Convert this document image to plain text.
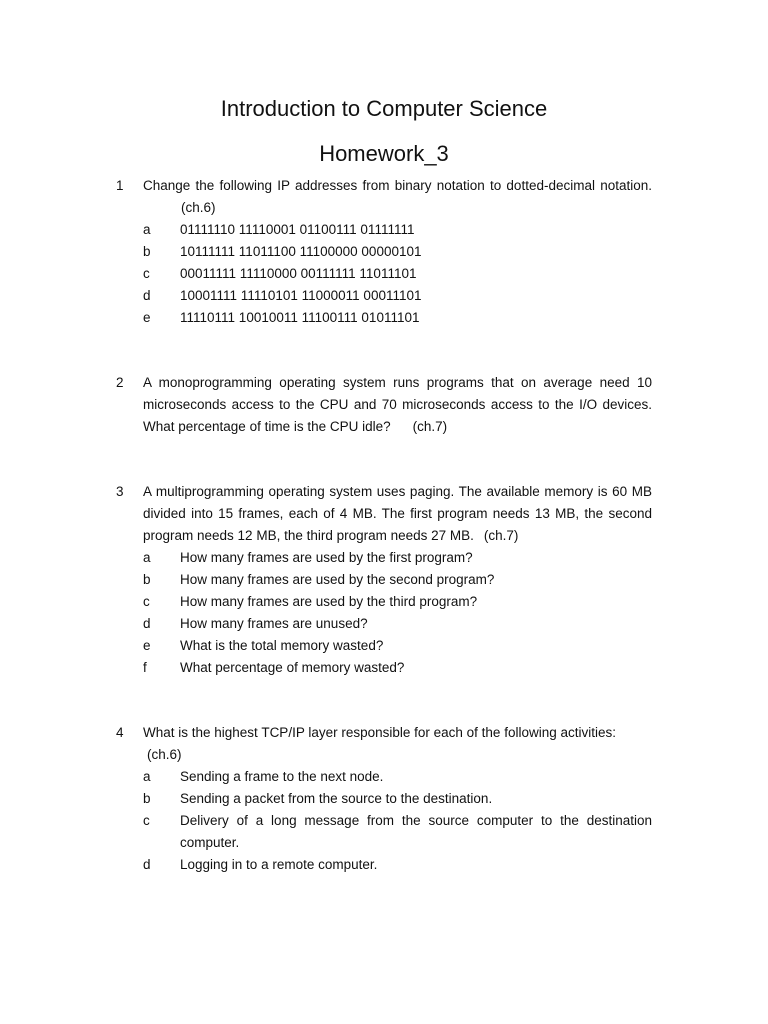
Introduction to Computer Science
Homework_3
1 Change the following IP addresses from binary notation to dotted-decimal notation.(ch.6)
a 01111110 11110001 01100111 01111111
b 10111111 11011100 11100000 00000101
c 00011111 11110000 00111111 11011101
d 10001111 11110101 11000011 00011101
e 11110111 10010011 11100111 01011101
2 A monoprogramming operating system runs programs that on average need 10 microseconds access to the CPU and 70 microseconds access to the I/O devices. What percentage of time is the CPU idle? (ch.7)
3 A multiprogramming operating system uses paging. The available memory is 60 MB divided into 15 frames, each of 4 MB. The first program needs 13 MB, the second program needs 12 MB, the third program needs 27 MB. (ch.7)
a How many frames are used by the first program?
b How many frames are used by the second program?
c How many frames are used by the third program?
d How many frames are unused?
e What is the total memory wasted?
f What percentage of memory wasted?
4 What is the highest TCP/IP layer responsible for each of the following activities:
(ch.6)
a Sending a frame to the next node.
b Sending a packet from the source to the destination.
c Delivery of a long message from the source computer to the destination computer.
d Logging in to a remote computer.
